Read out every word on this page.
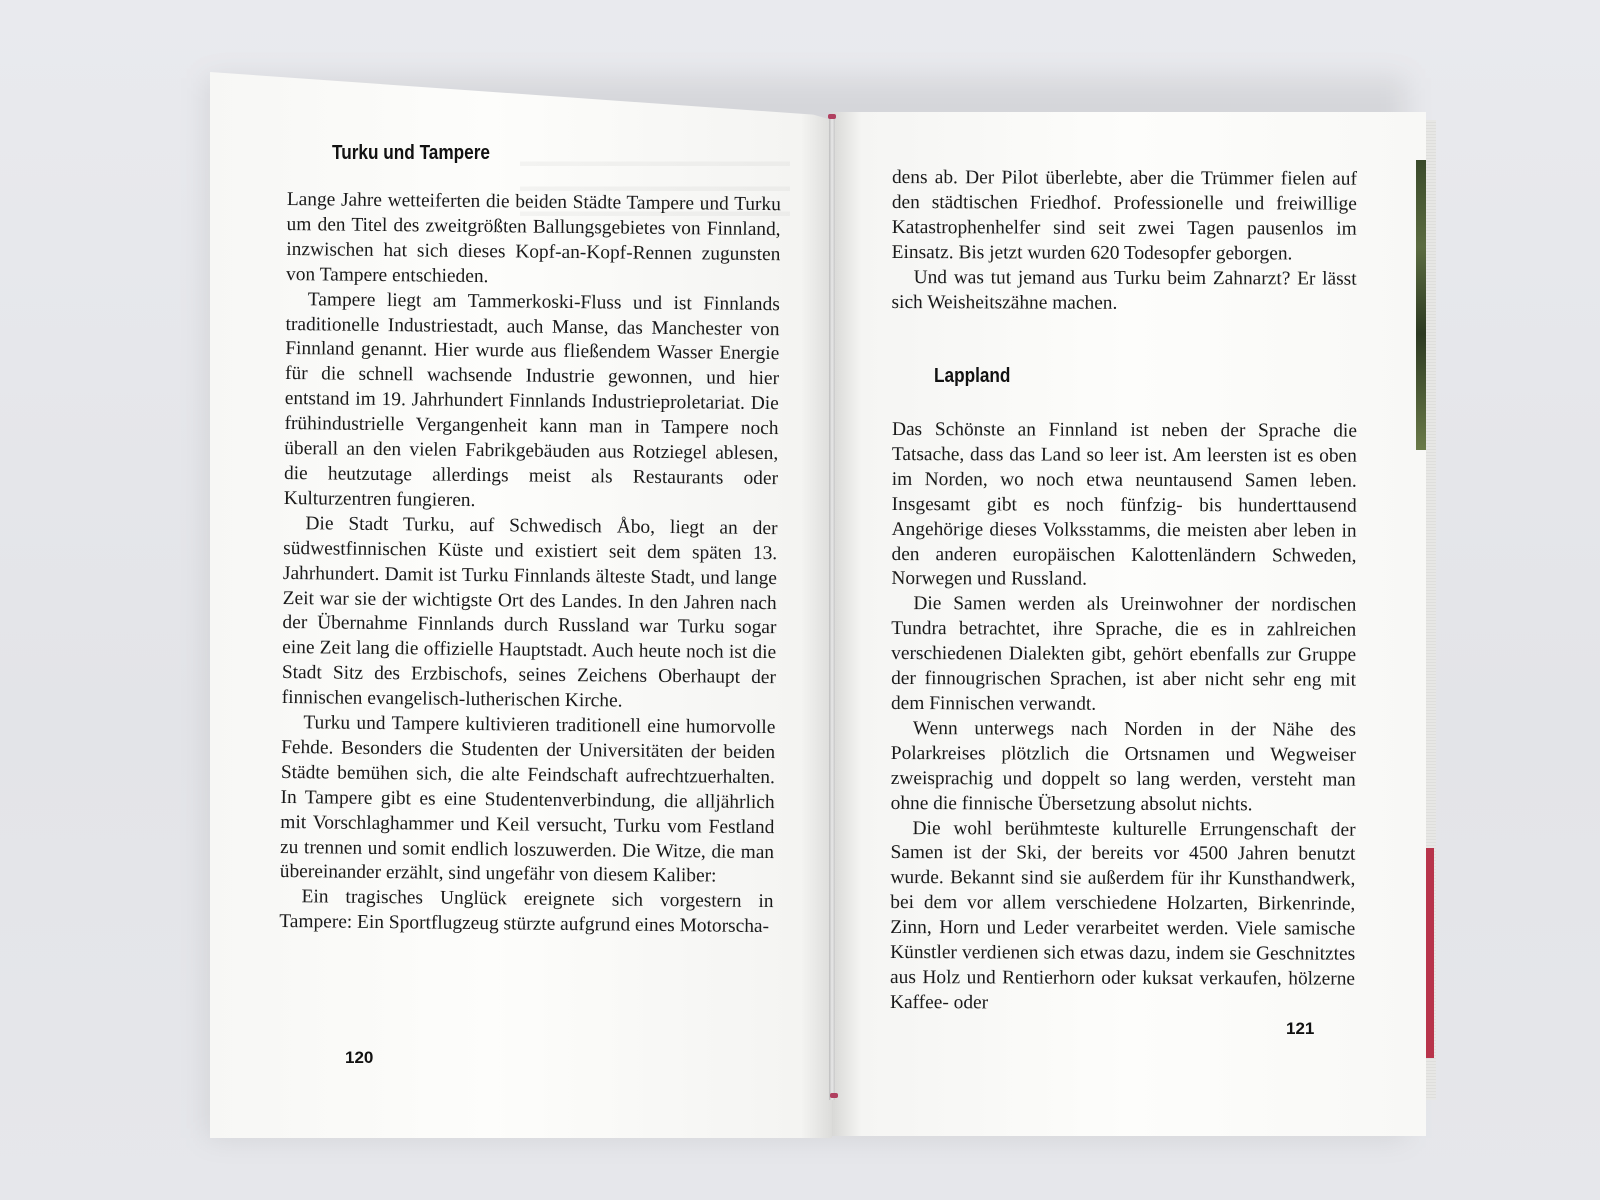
Turku und Tampere

Lange Jahre wetteiferten die beiden Städte Tampere und Turku um den Titel des zweitgrößten Ballungsgebietes von Finnland, inzwischen hat sich dieses Kopf-an-Kopf-Rennen zugunsten von Tampere entschieden.

Tampere liegt am Tammerkoski-Fluss und ist Finnlands traditionelle Industriestadt, auch Manse, das Manchester von Finnland genannt. Hier wurde aus fließendem Wasser Energie für die schnell wachsende Industrie gewonnen, und hier entstand im 19. Jahrhundert Finnlands Industrieproletariat. Die frühindustrielle Vergangenheit kann man in Tampere noch überall an den vielen Fabrikgebäuden aus Rotziegel ablesen, die heutzutage allerdings meist als Restaurants oder Kulturzentren fungieren.

Die Stadt Turku, auf Schwedisch Åbo, liegt an der südwestfinnischen Küste und existiert seit dem späten 13. Jahrhundert. Damit ist Turku Finnlands älteste Stadt, und lange Zeit war sie der wichtigste Ort des Landes. In den Jahren nach der Übernahme Finnlands durch Russland war Turku sogar eine Zeit lang die offizielle Hauptstadt. Auch heute noch ist die Stadt Sitz des Erzbischofs, seines Zeichens Oberhaupt der finnischen evangelisch-lutherischen Kirche.

Turku und Tampere kultivieren traditionell eine humorvolle Fehde. Besonders die Studenten der Universitäten der beiden Städte bemühen sich, die alte Feindschaft aufrechtzuerhalten. In Tampere gibt es eine Studentenverbindung, die alljährlich mit Vorschlaghammer und Keil versucht, Turku vom Festland zu trennen und somit endlich loszuwerden. Die Witze, die man übereinander erzählt, sind ungefähr von diesem Kaliber:

Ein tragisches Unglück ereignete sich vorgestern in Tampere: Ein Sportflugzeug stürzte aufgrund eines Motorscha-

120

dens ab. Der Pilot überlebte, aber die Trümmer fielen auf den städtischen Friedhof. Professionelle und freiwillige Katastrophenhelfer sind seit zwei Tagen pausenlos im Einsatz. Bis jetzt wurden 620 Todesopfer geborgen.

Und was tut jemand aus Turku beim Zahnarzt? Er lässt sich Weisheitszähne machen.

Lappland

Das Schönste an Finnland ist neben der Sprache die Tatsache, dass das Land so leer ist. Am leersten ist es oben im Norden, wo noch etwa neuntausend Samen leben. Insgesamt gibt es noch fünfzig- bis hunderttausend Angehörige dieses Volksstamms, die meisten aber leben in den anderen europäischen Kalottenländern Schweden, Norwegen und Russland.

Die Samen werden als Ureinwohner der nordischen Tundra betrachtet, ihre Sprache, die es in zahlreichen verschiedenen Dialekten gibt, gehört ebenfalls zur Gruppe der finnougrischen Sprachen, ist aber nicht sehr eng mit dem Finnischen verwandt.

Wenn unterwegs nach Norden in der Nähe des Polarkreises plötzlich die Ortsnamen und Wegweiser zweisprachig und doppelt so lang werden, versteht man ohne die finnische Übersetzung absolut nichts.

Die wohl berühmteste kulturelle Errungenschaft der Samen ist der Ski, der bereits vor 4500 Jahren benutzt wurde. Bekannt sind sie außerdem für ihr Kunsthandwerk, bei dem vor allem verschiedene Holzarten, Birkenrinde, Zinn, Horn und Leder verarbeitet werden. Viele samische Künstler verdienen sich etwas dazu, indem sie Geschnitztes aus Holz und Rentierhorn oder kuksat verkaufen, hölzerne Kaffee- oder

121
